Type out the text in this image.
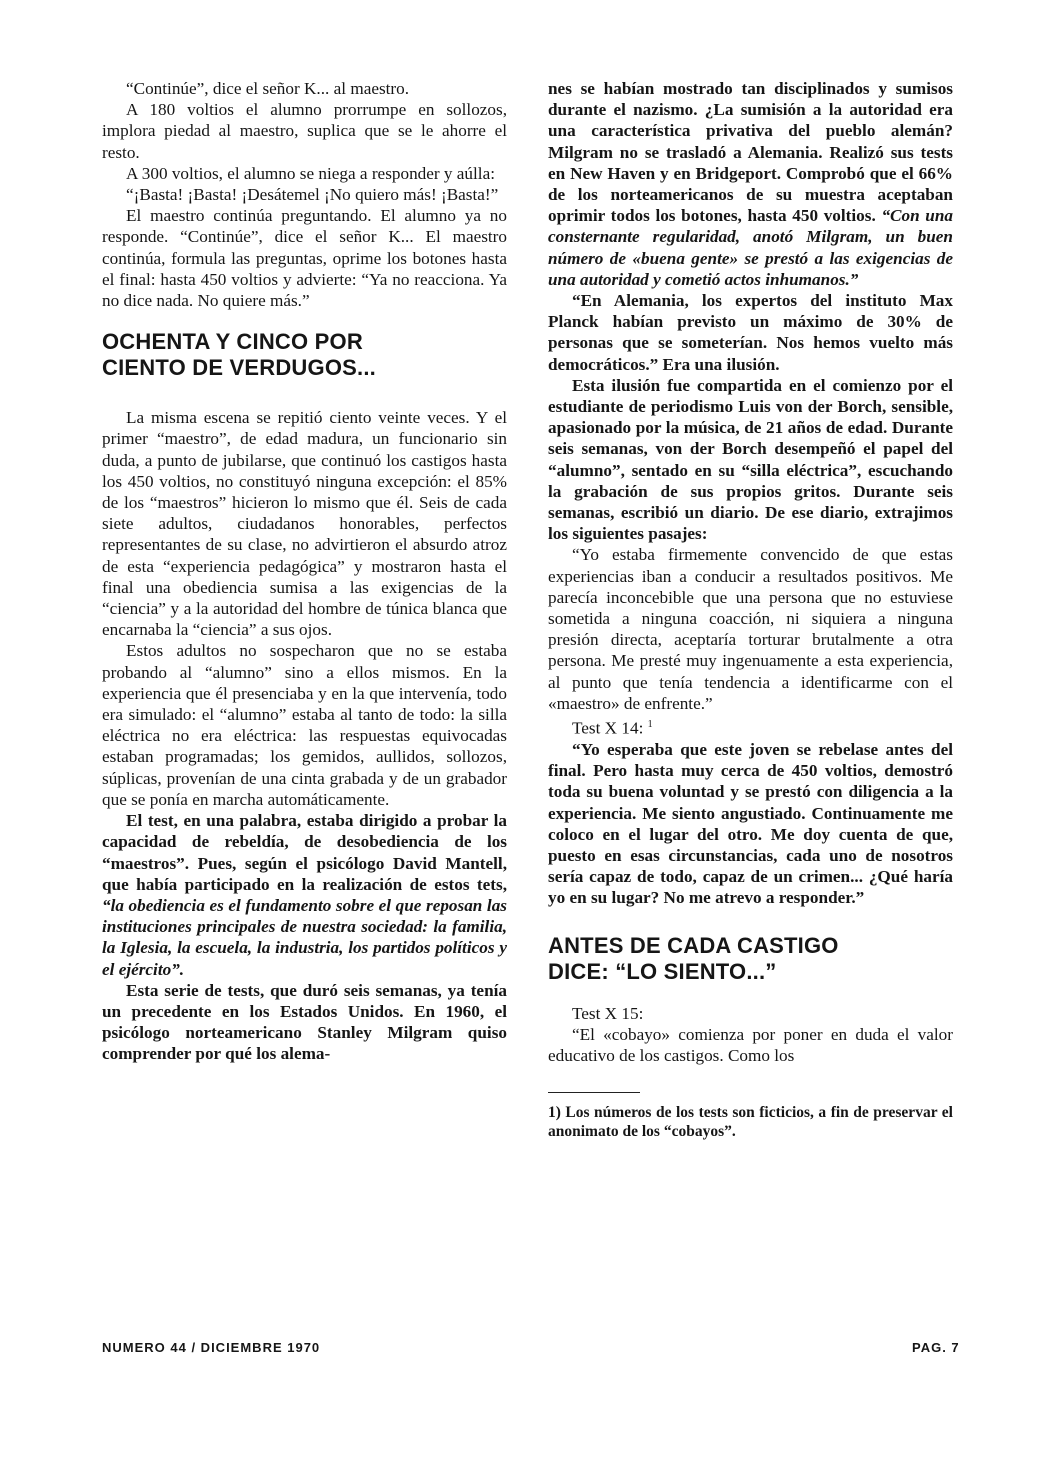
“Continúe”, dice el señor K... al maestro.

A 180 voltios el alumno prorrumpe en sollozos, implora piedad al maestro, suplica que se le ahorre el resto.

A 300 voltios, el alumno se niega a responder y aúlla:

“¡Basta! ¡Basta! ¡Desátemel ¡No quiero más! ¡Basta!”

El maestro continúa preguntando. El alumno ya no responde. “Continúe”, dice el señor K... El maestro continúa, formula las preguntas, oprime los botones hasta el final: hasta 450 voltios y advierte: “Ya no reacciona. Ya no dice nada. No quiere más.”

OCHENTA Y CINCO POR
CIENTO DE VERDUGOS...

La misma escena se repitió ciento veinte veces. Y el primer “maestro”, de edad madura, un funcionario sin duda, a punto de jubilarse, que continuó los castigos hasta los 450 voltios, no constituyó ninguna excepción: el 85% de los “maestros” hicieron lo mismo que él. Seis de cada siete adultos, ciudadanos honorables, perfectos representantes de su clase, no advirtieron el absurdo atroz de esta “experiencia pedagógica” y mostraron hasta el final una obediencia sumisa a las exigencias de la “ciencia” y a la autoridad del hombre de túnica blanca que encarnaba la “ciencia” a sus ojos.

Estos adultos no sospecharon que no se estaba probando al “alumno” sino a ellos mismos. En la experiencia que él presenciaba y en la que intervenía, todo era simulado: el “alumno” estaba al tanto de todo: la silla eléctrica no era eléctrica: las respuestas equivocadas estaban programadas; los gemidos, aullidos, sollozos, súplicas, provenían de una cinta grabada y de un grabador que se ponía en marcha automáticamente.

El test, en una palabra, estaba dirigido a probar la capacidad de rebeldía, de desobediencia de los “maestros”. Pues, según el psicólogo David Mantell, que había participado en la realización de estos tets, “la obediencia es el fundamento sobre el que reposan las instituciones principales de nuestra sociedad: la familia, la Iglesia, la escuela, la industria, los partidos políticos y el ejército”.

Esta serie de tests, que duró seis semanas, ya tenía un precedente en los Estados Unidos. En 1960, el psicólogo norteamericano Stanley Milgram quiso comprender por qué los alema-

nes se habían mostrado tan disciplinados y sumisos durante el nazismo. ¿La sumisión a la autoridad era una característica privativa del pueblo alemán? Milgram no se trasladó a Alemania. Realizó sus tests en New Haven y en Bridgeport. Comprobó que el 66% de los norteamericanos de su muestra aceptaban oprimir todos los botones, hasta 450 voltios. “Con una consternante regularidad, anotó Milgram, un buen número de «buena gente» se prestó a las exigencias de una autoridad y cometió actos inhumanos.”

“En Alemania, los expertos del instituto Max Planck habían previsto un máximo de 30% de personas que se someterían. Nos hemos vuelto más democráticos.” Era una ilusión.

Esta ilusión fue compartida en el comienzo por el estudiante de periodismo Luis von der Borch, sensible, apasionado por la música, de 21 años de edad. Durante seis semanas, von der Borch desempeñó el papel del “alumno”, sentado en su “silla eléctrica”, escuchando la grabación de sus propios gritos. Durante seis semanas, escribió un diario. De ese diario, extrajimos los siguientes pasajes:

“Yo estaba firmemente convencido de que estas experiencias iban a conducir a resultados positivos. Me parecía inconcebible que una persona que no estuviese sometida a ninguna coacción, ni siquiera a ninguna presión directa, aceptaría torturar brutalmente a otra persona. Me presté muy ingenuamente a esta experiencia, al punto que tenía tendencia a identificarme con el «maestro» de enfrente.”

Test X 14: $^1$

“Yo esperaba que este joven se rebelase antes del final. Pero hasta muy cerca de 450 voltios, demostró toda su buena voluntad y se prestó con diligencia a la experiencia. Me siento angustiado. Continuamente me coloco en el lugar del otro. Me doy cuenta de que, puesto en esas circunstancias, cada uno de nosotros sería capaz de todo, capaz de un crimen... ¿Qué haría yo en su lugar? No me atrevo a responder.”

ANTES DE CADA CASTIGO
DICE: “LO SIENTO...”

Test X 15:

“El «cobayo» comienza por poner en duda el valor educativo de los castigos. Como los

1) Los números de los tests son ficticios, a fin de preservar el anonimato de los “cobayos”.

NUMERO 44 / DICIEMBRE 1970	PAG. 7
